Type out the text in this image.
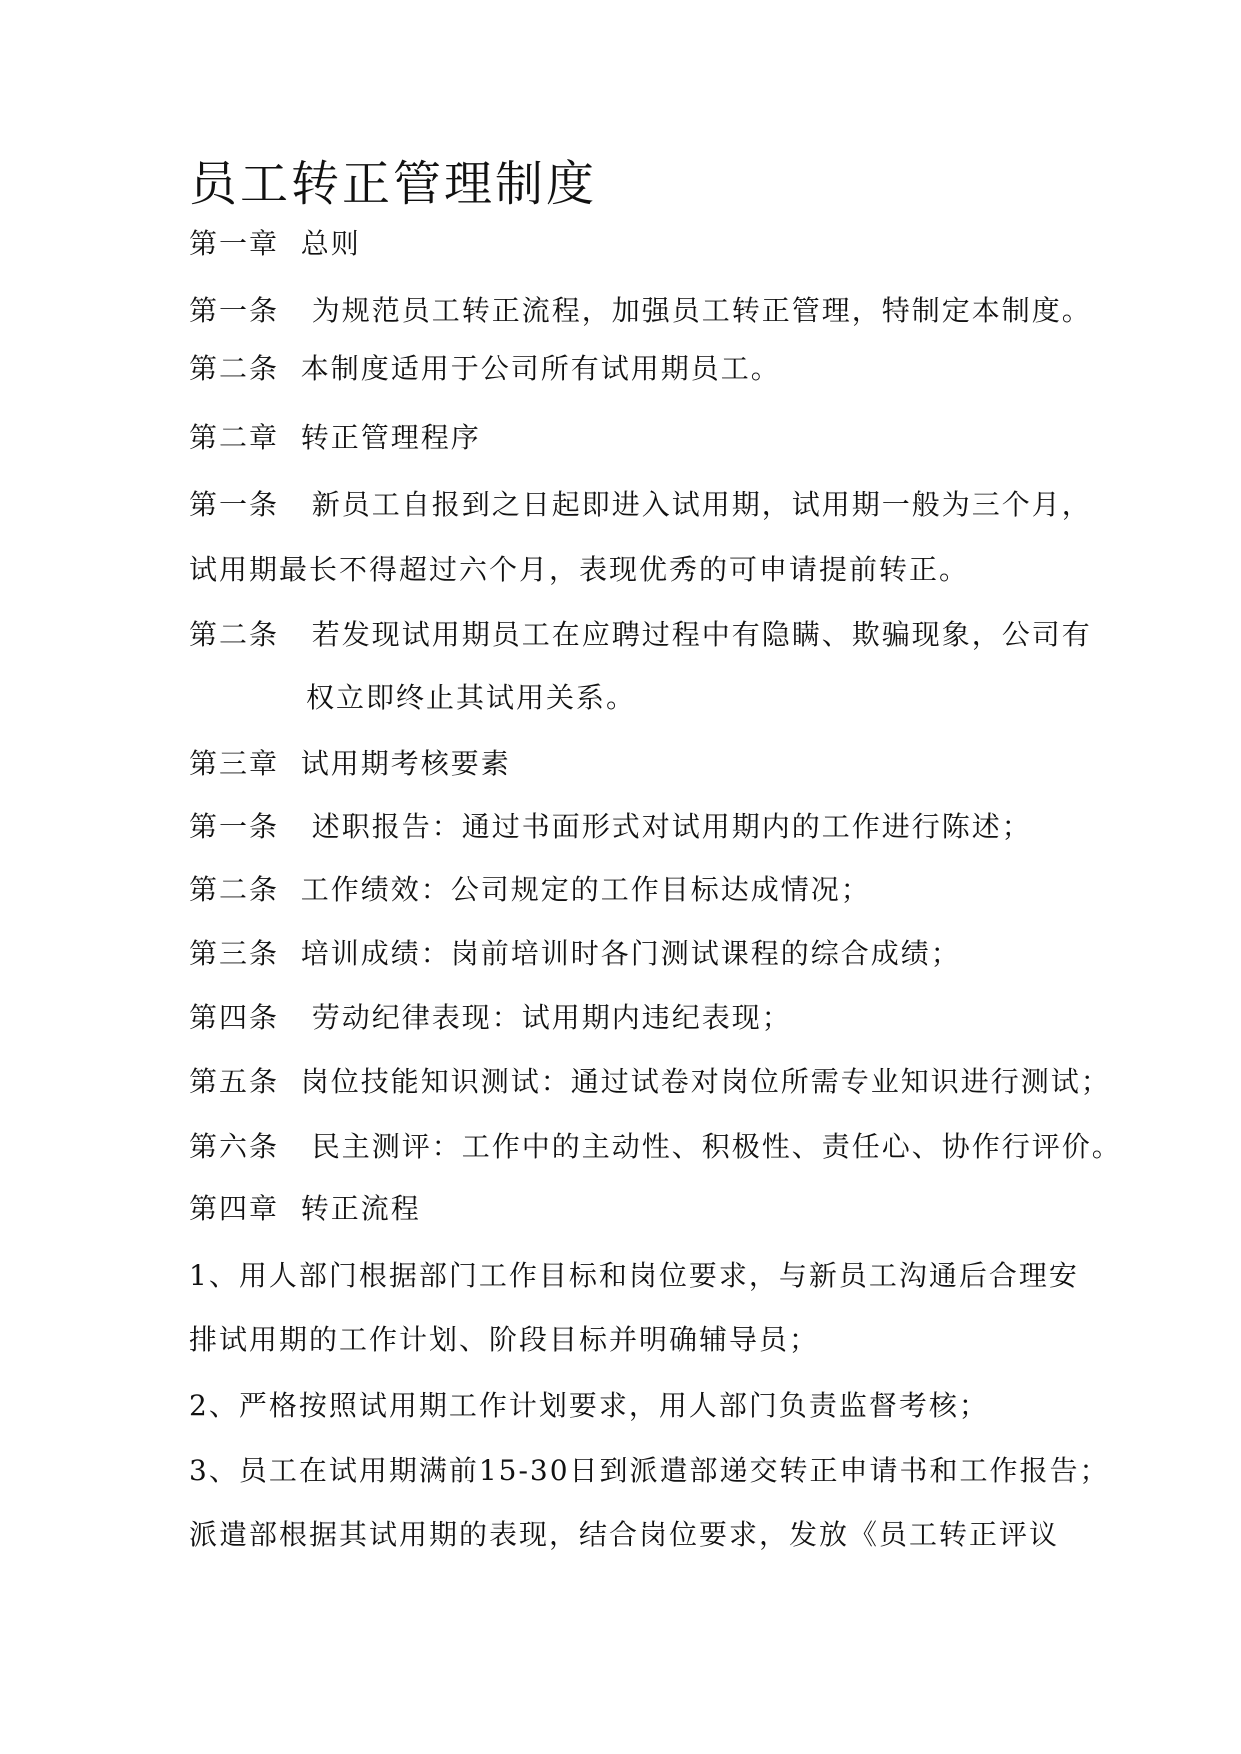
员工转正管理制度
第一章  总则
第一条   为规范员工转正流程，加强员工转正管理，特制定本制度。
第二条  本制度适用于公司所有试用期员工。
第二章  转正管理程序
第一条   新员工自报到之日起即进入试用期，试用期一般为三个月，
试用期最长不得超过六个月，表现优秀的可申请提前转正。
第二条   若发现试用期员工在应聘过程中有隐瞒、欺骗现象，公司有
权立即终止其试用关系。
第三章  试用期考核要素
第一条   述职报告：通过书面形式对试用期内的工作进行陈述；
第二条  工作绩效：公司规定的工作目标达成情况；
第三条  培训成绩：岗前培训时各门测试课程的综合成绩；
第四条   劳动纪律表现：试用期内违纪表现；
第五条  岗位技能知识测试：通过试卷对岗位所需专业知识进行测试；
第六条   民主测评：工作中的主动性、积极性、责任心、协作行评价。
第四章  转正流程
1、用人部门根据部门工作目标和岗位要求，与新员工沟通后合理安
排试用期的工作计划、阶段目标并明确辅导员；
2、严格按照试用期工作计划要求，用人部门负责监督考核；
3、员工在试用期满前15-30日到派遣部递交转正申请书和工作报告；
派遣部根据其试用期的表现，结合岗位要求，发放《员工转正评议
